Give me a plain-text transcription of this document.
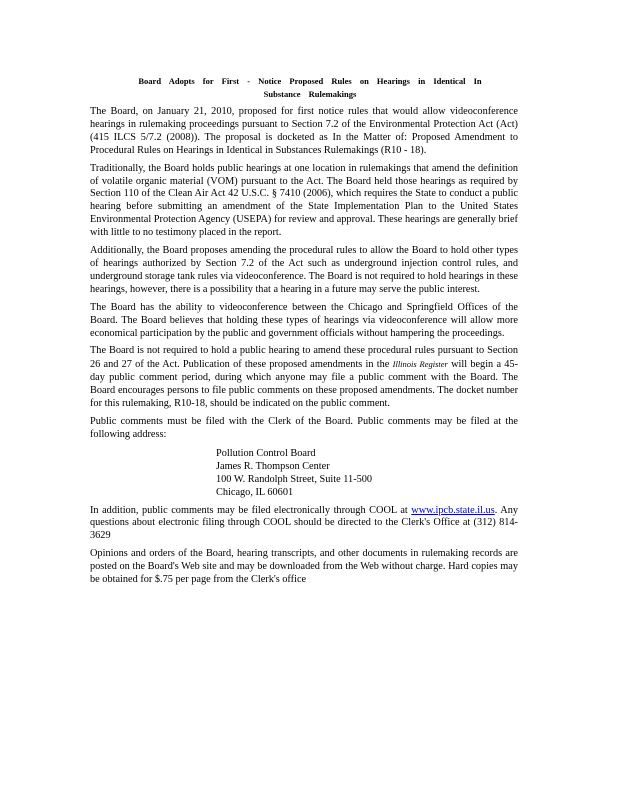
Board Adopts for First - Notice Proposed Rules on Hearings in Identical In
Substance Rulemakings

The Board, on January 21, 2010, proposed for first notice rules that would allow videoconference hearings in rulemaking proceedings pursuant to Section 7.2 of the Environmental Protection Act (Act) (415 ILCS 5/7.2 (2008)). The proposal is docketed as In the Matter of: Proposed Amendment to Procedural Rules on Hearings in Identical in Substances Rulemakings (R10 - 18).

Traditionally, the Board holds public hearings at one location in rulemakings that amend the definition of volatile organic material (VOM) pursuant to the Act. The Board held those hearings as required by Section 110 of the Clean Air Act 42 U.S.C. § 7410 (2006), which requires the State to conduct a public hearing before submitting an amendment of the State Implementation Plan to the United States Environmental Protection Agency (USEPA) for review and approval. These hearings are generally brief with little to no testimony placed in the report.

Additionally, the Board proposes amending the procedural rules to allow the Board to hold other types of hearings authorized by Section 7.2 of the Act such as underground injection control rules, and underground storage tank rules via videoconference. The Board is not required to hold hearings in these hearings, however, there is a possibility that a hearing in a future may serve the public interest.

The Board has the ability to videoconference between the Chicago and Springfield Offices of the Board. The Board believes that holding these types of hearings via videoconference will allow more economical participation by the public and government officials without hampering the proceedings.

The Board is not required to hold a public hearing to amend these procedural rules pursuant to Section 26 and 27 of the Act. Publication of these proposed amendments in the Illinois Register will begin a 45-day public comment period, during which anyone may file a public comment with the Board. The Board encourages persons to file public comments on these proposed amendments. The docket number for this rulemaking, R10-18, should be indicated on the public comment.

Public comments must be filed with the Clerk of the Board. Public comments may be filed at the following address:

Pollution Control Board
James R. Thompson Center
100 W. Randolph Street, Suite 11-500
Chicago, IL 60601

In addition, public comments may be filed electronically through COOL at www.ipcb.state.il.us. Any questions about electronic filing through COOL should be directed to the Clerk's Office at (312) 814-3629

Opinions and orders of the Board, hearing transcripts, and other documents in rulemaking records are posted on the Board's Web site and may be downloaded from the Web without charge. Hard copies may be obtained for $.75 per page from the Clerk's office
